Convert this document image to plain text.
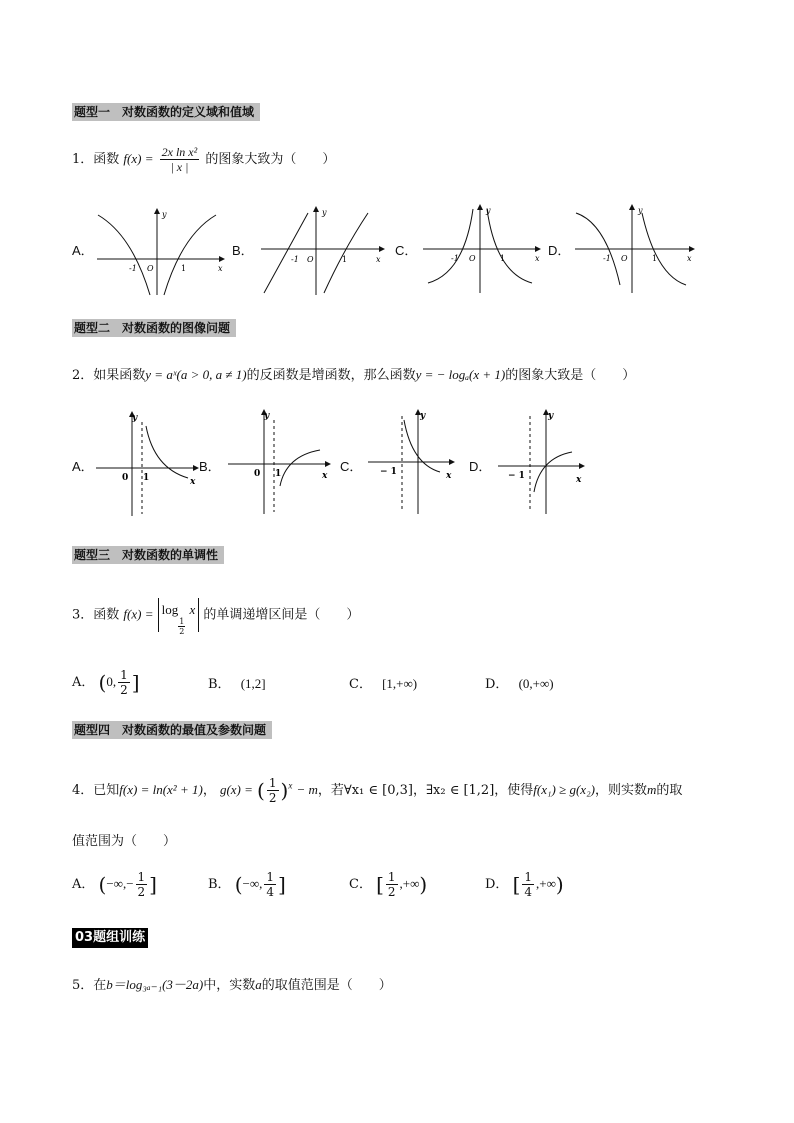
题型一　对数函数的定义域和值域
1．函数 $f(x) = \frac{\text{2x ln x²}}{| x |}$ 的图象大致为（　　）
A．
-1 O	1	x
y
B．
-1 O	1	x
y
C．
-1 O	1	x
y
D．
-1 O	1	x
y
题型二　对数函数的图像问题
2．如果函数y = aˣ(a > 0, a ≠ 1)的反函数是增函数，那么函数y = − logₐ(x + 1)的图象大致是（　　）
A．
0 1	x
y
B．	0 1	x
y
C． − 1	x
y
D．
− 1	x
y
题型三　对数函数的单调性
3．函数 f(x) = log
$\frac{1}{2}$
x 的单调递增区间是（　　）
A． (0, $\frac{1}{2}$ ]	B． (1,2]	C． [1,+∞)	D． (0,+∞)
题型四　对数函数的最值及参数问题
4．已知f(x) = ln(x² + 1)， g(x) = ( $\frac{1}{2} )^x - m$，若∀x₁ ∈ [0,3]，∃x₂ ∈ [1,2]，使得f(x₁) ≥ g(x₂)，则实数m的取
值范围为（　　）
A． (−∞,− $\frac{1}{2}$ ]	B． (−∞, $\frac{1}{4}$ ]	C． [ $\frac{1}{2}$ ,+∞)	D． [ $\frac{1}{4}$ ,+∞)
03题组训练
5．在b＝log₃ₐ₋₁(3－2a)中，实数a的取值范围是（　　）
